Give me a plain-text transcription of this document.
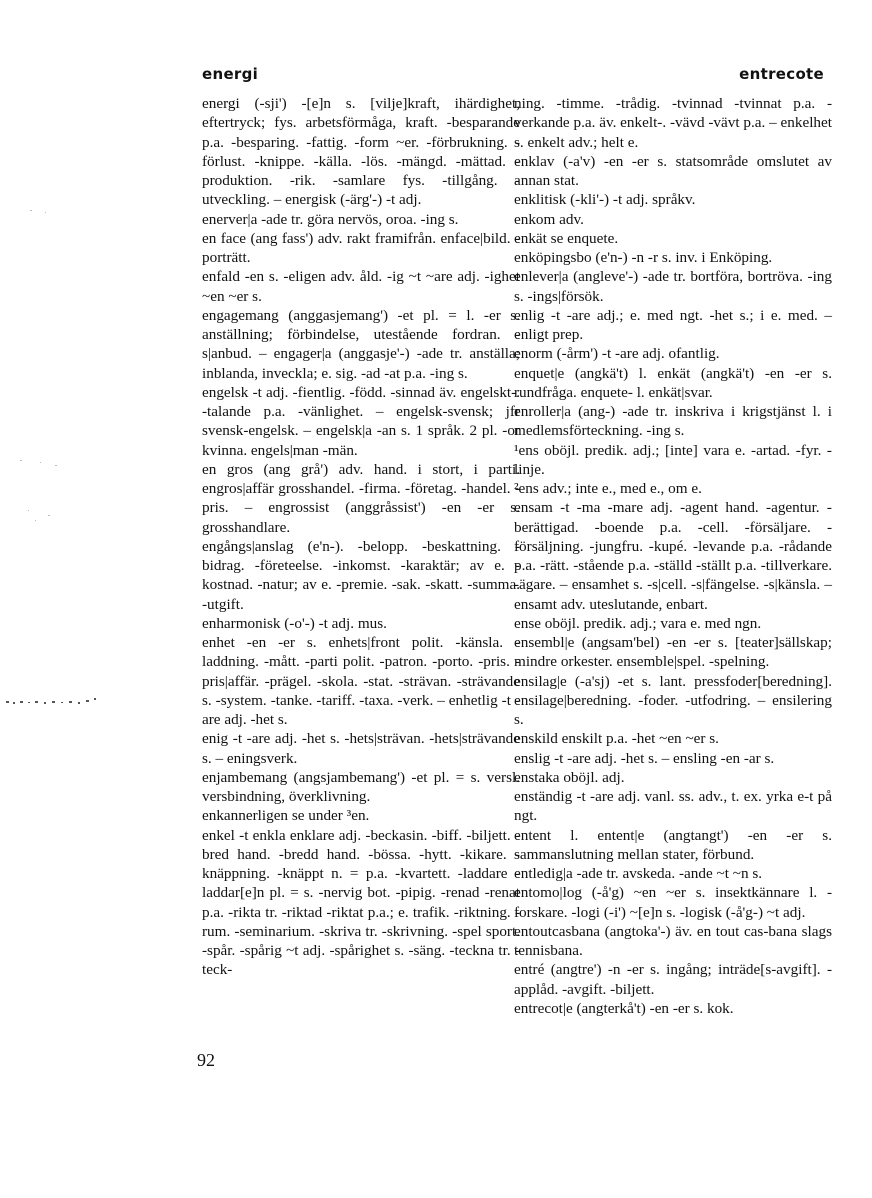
energi	entrecote

energi (-sji') -[e]n s. [vilje]kraft, ihärdighet, eftertryck; fys. arbetsförmåga, kraft. -besparande p.a. -besparing. -fattig. -form ~er. -förbrukning. -förlust. -knippe. -källa. -lös. -mängd. -mättad. -produktion. -rik. -samlare fys. -tillgång. -utveckling. – energisk (-ärg'-) -t adj.

enerver|a -ade tr. göra nervös, oroa. -ing s.

en face (ang fass') adv. rakt framifrån. enface|bild. -porträtt.

enfald -en s. -eligen adv. åld. -ig ~t ~are adj. -ighet ~en ~er s.

engagemang (anggasjemang') -et pl. = l. -er s. anställning; förbindelse, utestående fordran. -s|anbud. – engager|a (anggasje'-) -ade tr. anställa; inblanda, inveckla; e. sig. -ad -at p.a. -ing s.

engelsk -t adj. -fientlig. -född. -sinnad äv. engelskt-. -talande p.a. -vänlighet. – engelsk-svensk; jfr svensk-engelsk. – engelsk|a -an s. 1 språk. 2 pl. -or kvinna. engels|man -män.

en gros (ang grå') adv. hand. i stort, i parti. engros|affär grosshandel. -firma. -företag. -handel. -pris. – engrossist (anggråssist') -en -er s. grosshandlare.

engångs|anslag (e'n-). -belopp. -beskattning. -bidrag. -företeelse. -inkomst. -karaktär; av e. -kostnad. -natur; av e. -premie. -sak. -skatt. -summa. -utgift.

enharmonisk (-o'-) -t adj. mus.

enhet -en -er s. enhets|front polit. -känsla. -laddning. -mått. -parti polit. -patron. -porto. -pris. -pris|affär. -prägel. -skola. -stat. -strävan. -strävande s. -system. -tanke. -tariff. -taxa. -verk. – enhetlig -t -are adj. -het s.

enig -t -are adj. -het s. -hets|strävan. -hets|strävande s. – eningsverk.

enjambemang (angsjambemang') -et pl. = s. versl. versbindning, överklivning.

enkannerligen se under ³en.

enkel -t enkla enklare adj. -beckasin. -biff. -biljett. -bred hand. -bredd hand. -bössa. -hytt. -kikare. -knäppning. -knäppt n. = p.a. -kvartett. -laddare -laddar[e]n pl. = s. -nervig bot. -pipig. -renad -renat p.a. -rikta tr. -riktad -riktat p.a.; e. trafik. -riktning. -rum. -seminarium. -skriva tr. -skrivning. -spel sport. -spår. -spårig ~t adj. -spårighet s. -säng. -teckna tr. -teck-

ning. -timme. -trådig. -tvinnad -tvinnat p.a. -verkande p.a. äv. enkelt-. -vävd -vävt p.a. – enkelhet s. enkelt adv.; helt e.

enklav (-a'v) -en -er s. statsområde omslutet av annan stat.

enklitisk (-kli'-) -t adj. språkv.

enkom adv.

enkät se enquete.

enköpingsbo (e'n-) -n -r s. inv. i Enköping.

enlever|a (angleve'-) -ade tr. bortföra, bortröva. -ing s. -ings|försök.

enlig -t -are adj.; e. med ngt. -het s.; i e. med. – enligt prep.

enorm (-årm') -t -are adj. ofantlig.

enquet|e (angkä't) l. enkät (angkä't) -en -er s. rundfråga. enquete- l. enkät|svar.

enroller|a (ang-) -ade tr. inskriva i krigstjänst l. i medlemsförteckning. -ing s.

¹ens oböjl. predik. adj.; [inte] vara e. -artad. -fyr. -linje.

²ens adv.; inte e., med e., om e.

ensam -t -ma -mare adj. -agent hand. -agentur. -berättigad. -boende p.a. -cell. -försäljare. -försäljning. -jungfru. -kupé. -levande p.a. -rådande p.a. -rätt. -stående p.a. -ställd -ställt p.a. -tillverkare. -ägare. – ensamhet s. -s|cell. -s|fängelse. -s|känsla. – ensamt adv. uteslutande, enbart.

ense oböjl. predik. adj.; vara e. med ngn.

ensembl|e (angsam'bel) -en -er s. [teater]sällskap; mindre orkester. ensemble|spel. -spelning.

ensilag|e (-a'sj) -et s. lant. pressfoder[beredning]. ensilage|beredning. -foder. -utfodring. – ensilering s.

enskild enskilt p.a. -het ~en ~er s.

enslig -t -are adj. -het s. – ensling -en -ar s.

enstaka oböjl. adj.

enständig -t -are adj. vanl. ss. adv., t. ex. yrka e-t på ngt.

entent l. entent|e (angtangt') -en -er s. sammanslutning mellan stater, förbund.

entledig|a -ade tr. avskeda. -ande ~t ~n s.

entomo|log (-å'g) ~en ~er s. insektkännare l. -forskare. -logi (-i') ~[e]n s. -logisk (-å'g-) ~t adj.

entoutcasbana (angtoka'-) äv. en tout cas-bana slags tennisbana.

entré (angtre') -n -er s. ingång; inträde[s-avgift]. -applåd. -avgift. -biljett.

entrecot|e (angterkå't) -en -er s. kok.

92
